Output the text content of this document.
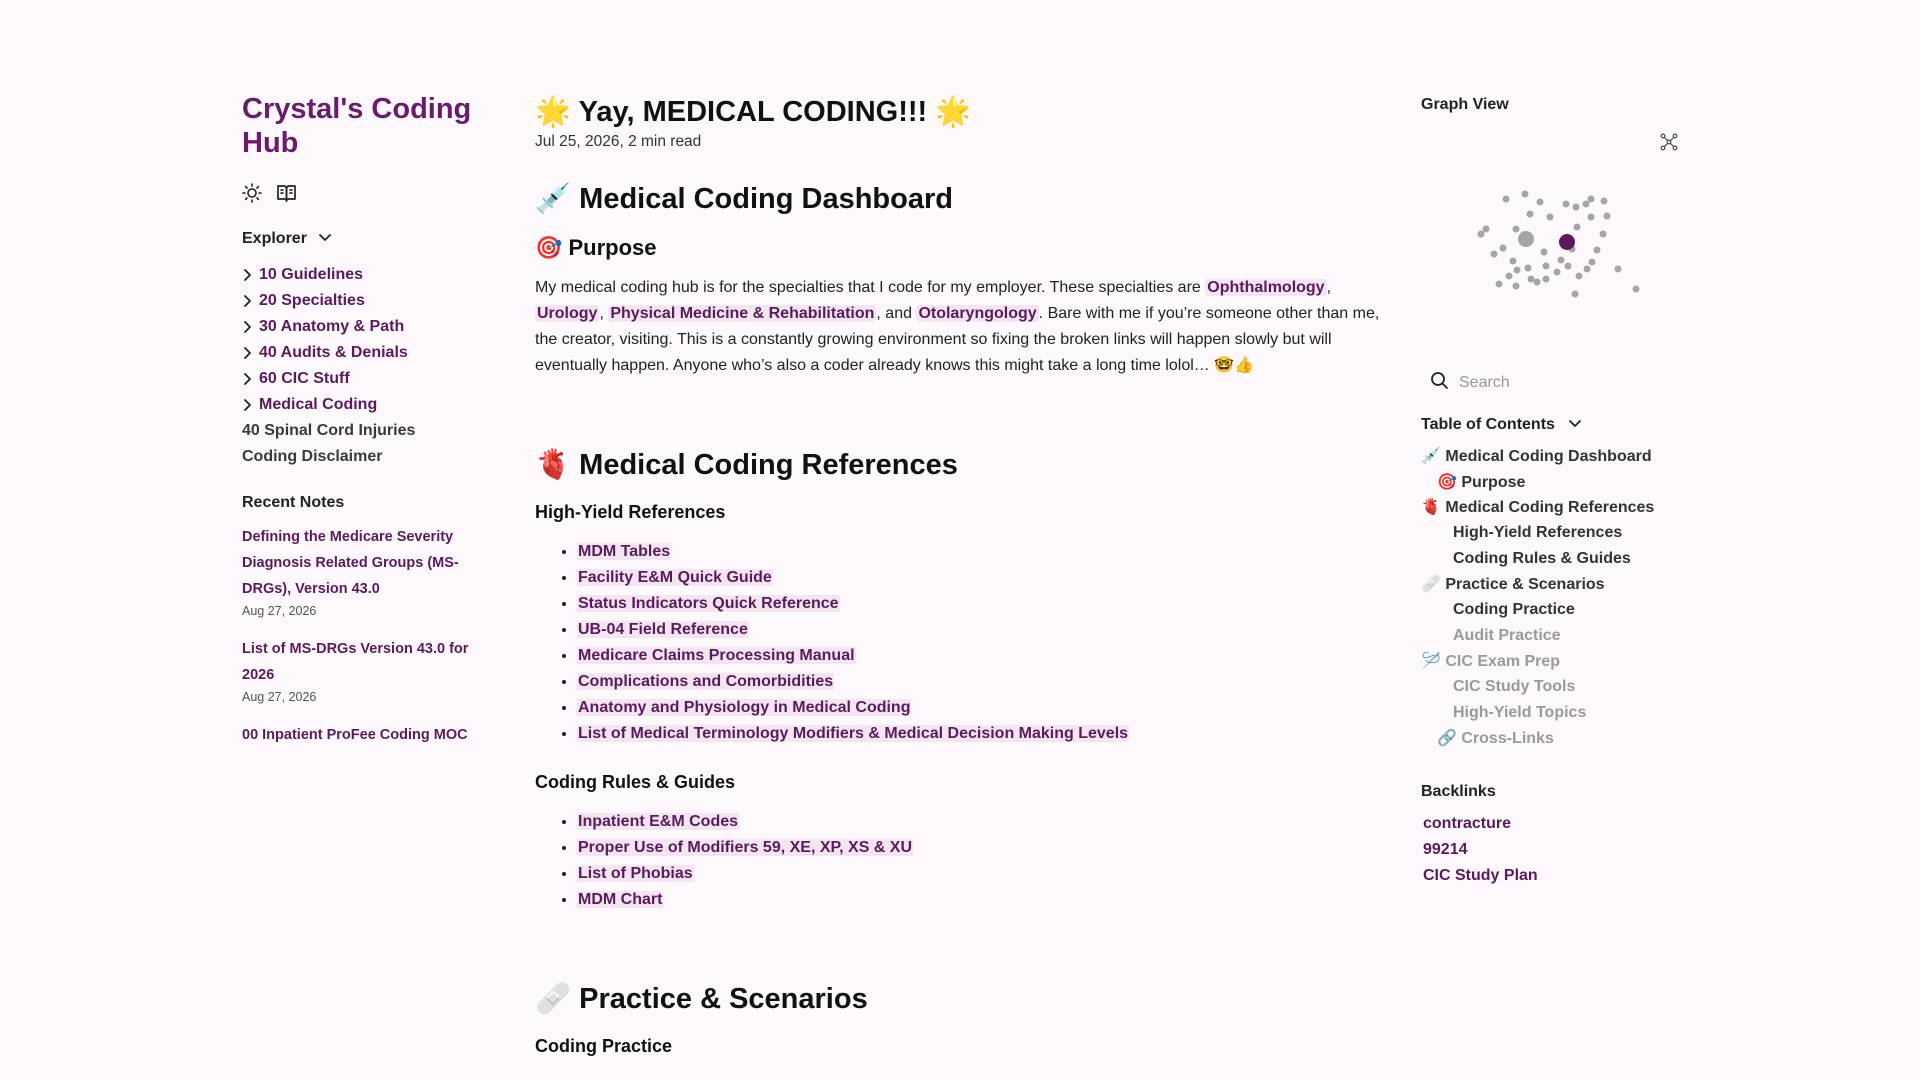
Crystal's Coding Hub
Explorer
10 Guidelines
20 Specialties
30 Anatomy & Path
40 Audits & Denials
60 CIC Stuff
Medical Coding
40 Spinal Cord Injuries
Coding Disclaimer
Recent Notes
Defining the Medicare Severity Diagnosis Related Groups (MS-DRGs), Version 43.0
Aug 27, 2026
List of MS-DRGs Version 43.0 for 2026
Aug 27, 2026
00 Inpatient ProFee Coding MOC
🌟 Yay, MEDICAL CODING!!! 🌟
Jul 25, 2026, 2 min read
💉 Medical Coding Dashboard
🎯 Purpose

My medical coding hub is for the specialties that I code for my employer. These specialties are Ophthalmology , Urology , Physical Medicine & Rehabilitation , and Otolaryngology . Bare with me if you’re someone other than me, the creator, visiting. This is a constantly growing environment so fixing the broken links will happen slowly but will eventually happen. Anyone who’s also a coder already knows this might take a long time lolol… 🤓👍

🫀 Medical Coding References
High-Yield References
• MDM Tables
• Facility E&M Quick Guide
• Status Indicators Quick Reference
• UB-04 Field Reference
• Medicare Claims Processing Manual
• Complications and Comorbidities
• Anatomy and Physiology in Medical Coding
• List of Medical Terminology Modifiers & Medical Decision Making Levels
Coding Rules & Guides
• Inpatient E&M Codes
• Proper Use of Modifiers 59, XE, XP, XS & XU
• List of Phobias
• MDM Chart
🩹 Practice & Scenarios
Coding Practice
Graph View
Search
Table of Contents
💉 Medical Coding Dashboard
🎯 Purpose
🫀 Medical Coding References
High-Yield References
Coding Rules & Guides
🩹 Practice & Scenarios
Coding Practice
Audit Practice
🪡 CIC Exam Prep
CIC Study Tools
High-Yield Topics
🔗 Cross-Links
Backlinks
contracture
99214
CIC Study Plan
